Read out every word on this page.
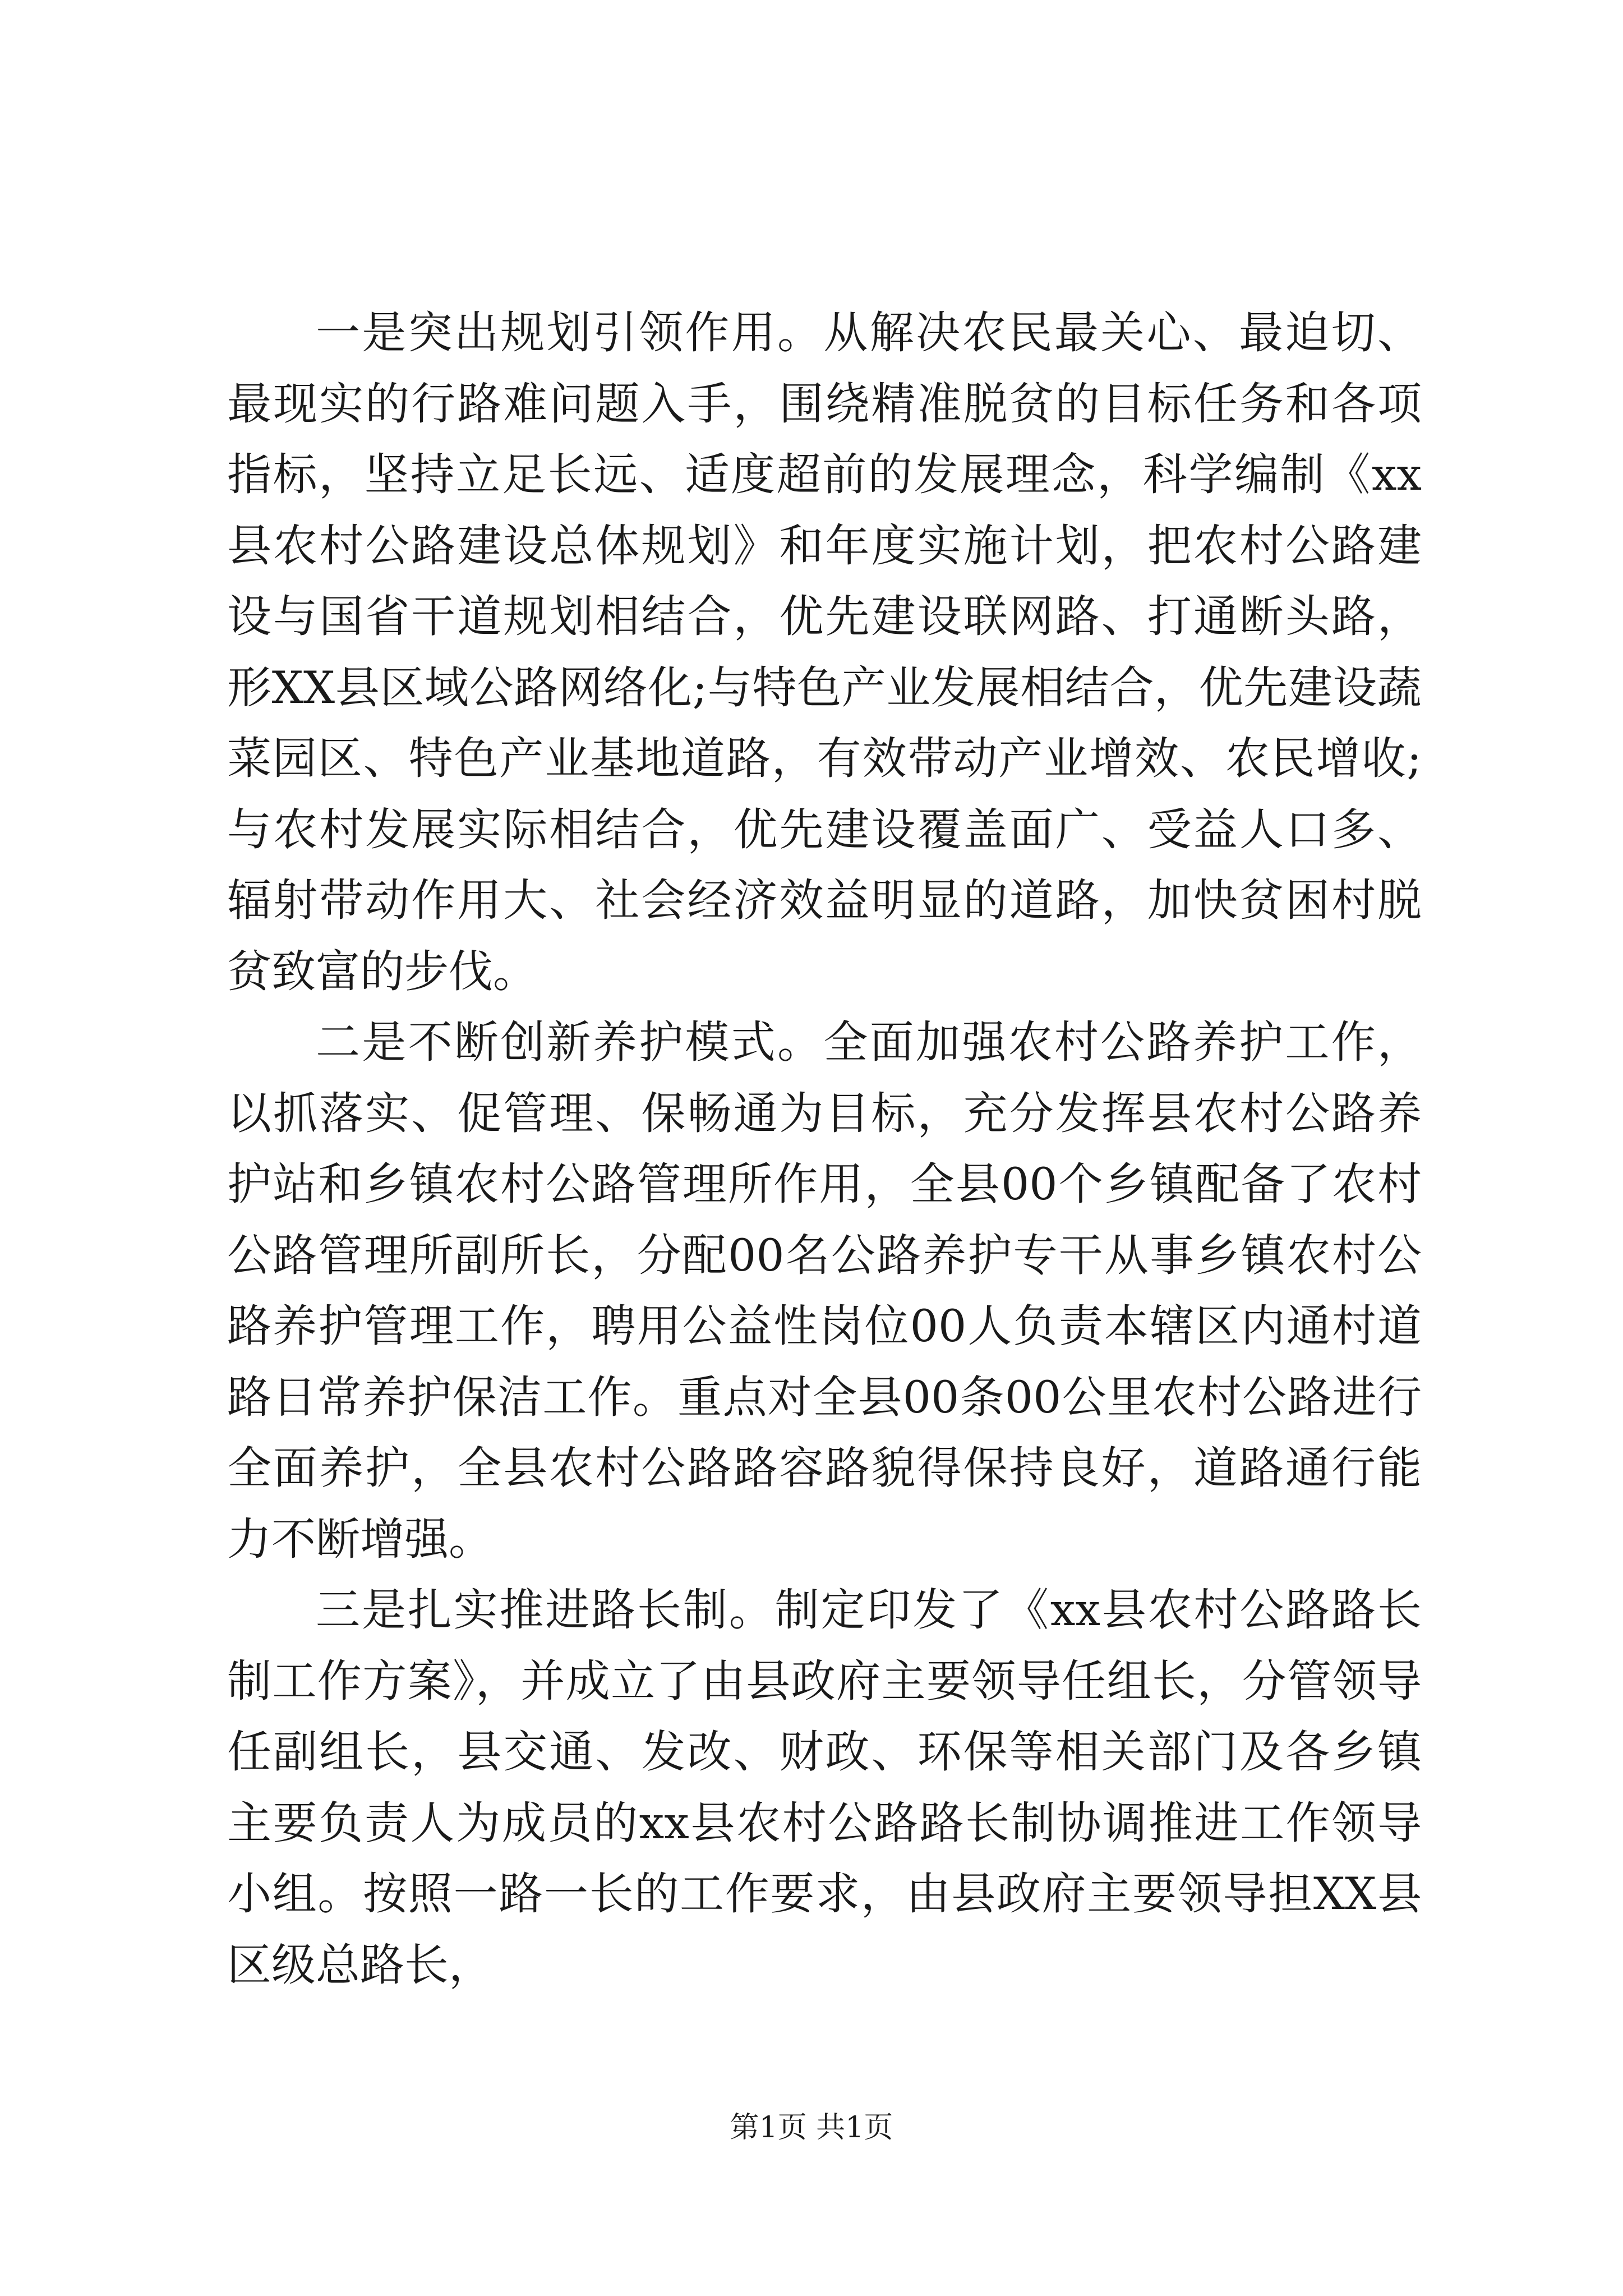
一是突出规划引领作用。从解决农民最关心、最迫切、最现实的行路难问题入手，围绕精准脱贫的目标任务和各项指标，坚持立足长远、适度超前的发展理念，科学编制《xx县农村公路建设总体规划》和年度实施计划，把农村公路建设与国省干道规划相结合，优先建设联网路、打通断头路，形XX县区域公路网络化;与特色产业发展相结合，优先建设蔬菜园区、特色产业基地道路，有效带动产业增效、农民增收;与农村发展实际相结合，优先建设覆盖面广、受益人口多、辐射带动作用大、社会经济效益明显的道路，加快贫困村脱贫致富的步伐。

二是不断创新养护模式。全面加强农村公路养护工作，以抓落实、促管理、保畅通为目标，充分发挥县农村公路养护站和乡镇农村公路管理所作用，全县00个乡镇配备了农村公路管理所副所长，分配00名公路养护专干从事乡镇农村公路养护管理工作，聘用公益性岗位00人负责本辖区内通村道路日常养护保洁工作。重点对全县00条00公里农村公路进行全面养护，全县农村公路路容路貌得保持良好，道路通行能力不断增强。

三是扎实推进路长制。制定印发了《xx县农村公路路长制工作方案》，并成立了由县政府主要领导任组长，分管领导任副组长，县交通、发改、财政、环保等相关部门及各乡镇主要负责人为成员的xx县农村公路路长制协调推进工作领导小组。按照一路一长的工作要求，由县政府主要领导担XX县区级总路长，

第1页 共1页
